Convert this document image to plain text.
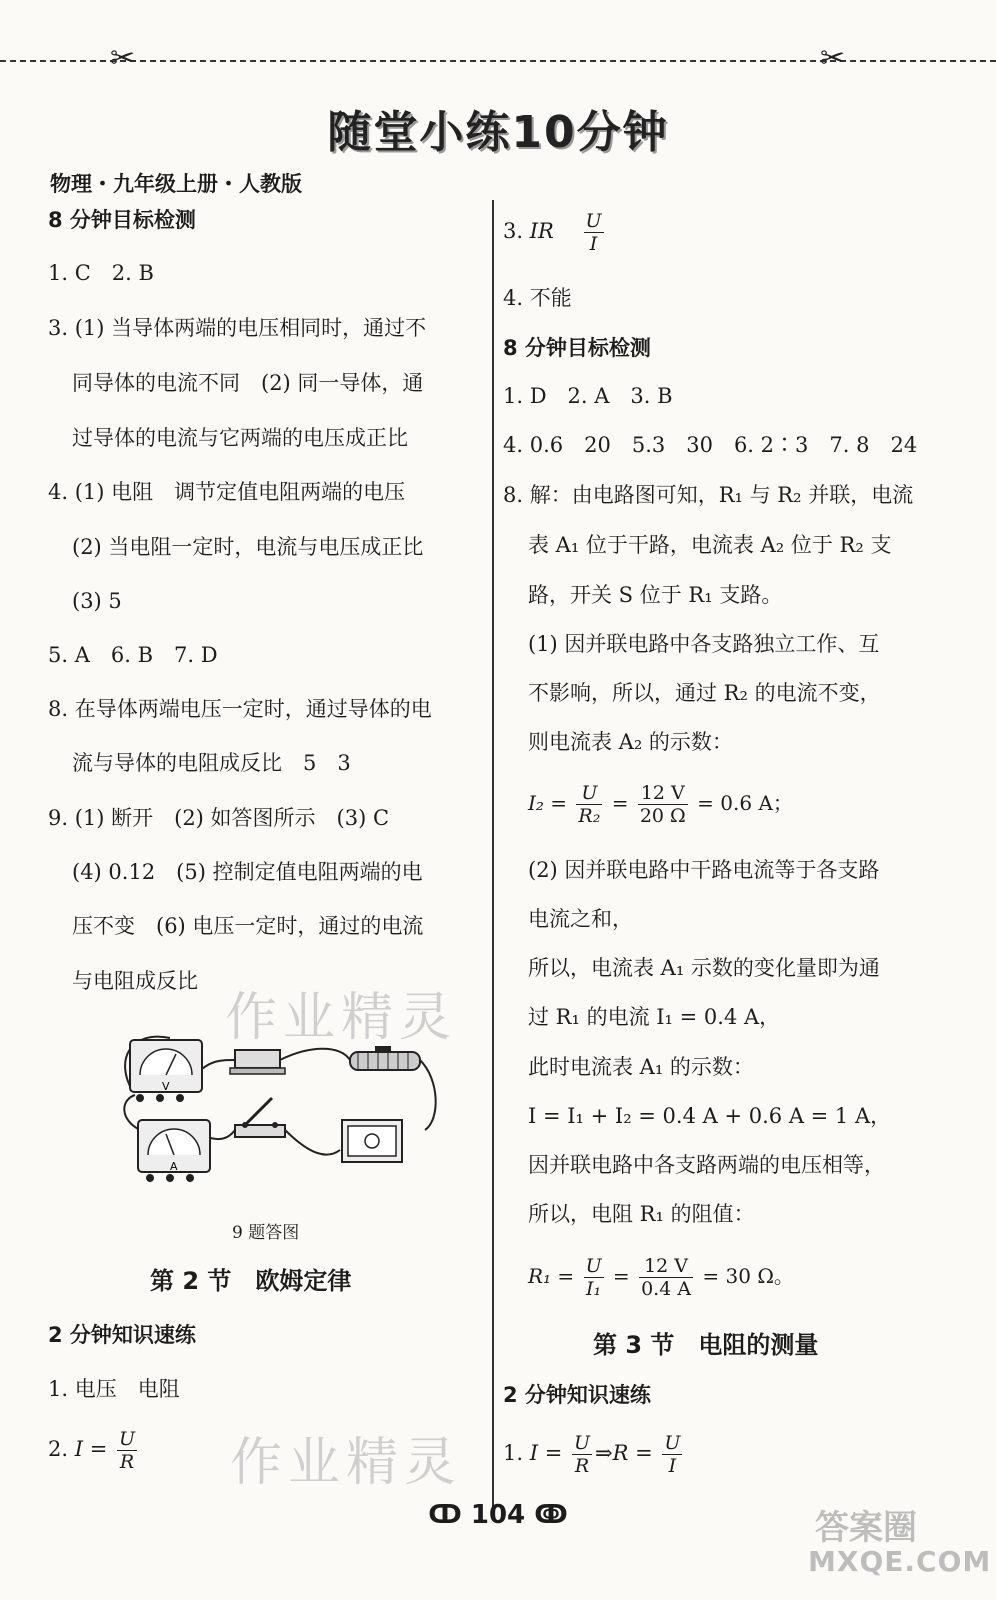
✂	✂
随堂小练10分钟
物理・九年级上册・人教版
8 分钟目标检测
1. C　2. B
3. (1) 当导体两端的电压相同时，通过不
同导体的电流不同　(2) 同一导体，通
过导体的电流与它两端的电压成正比
4. (1) 电阻　调节定值电阻两端的电压
(2) 当电阻一定时，电流与电压成正比
(3) 5
5. A　6. B　7. D
8. 在导体两端电压一定时，通过导体的电
流与导体的电阻成反比　5　3
9. (1) 断开　(2) 如答图所示　(3) C
(4) 0.12　(5) 控制定值电阻两端的电
压不变　(6) 电压一定时，通过的电流
与电阻成反比
V
A
9 题答图
第 2 节　欧姆定律
2 分钟知识速练
1. 电压　电阻
2. $I = \frac{U}{R}$
3. IR $\frac{U}{I}$
4. 不能
8 分钟目标检测
1. D　2. A　3. B
4. 0.6　20　5.3　30　6. 2∶3　7. 8　24
8. 解：由电路图可知，R₁ 与 R₂ 并联，电流
表 A₁ 位于干路，电流表 A₂ 位于 R₂ 支
路，开关 S 位于 R₁ 支路。
(1) 因并联电路中各支路独立工作、互
不影响，所以，通过 R₂ 的电流不变，
则电流表 A₂ 的示数：
$I_2 = \frac{U}{\text{R₂}} = \frac{12 V}{20 \Omega} = 0.6$ A；
(2) 因并联电路中干路电流等于各支路
电流之和，
所以，电流表 A₁ 示数的变化量即为通
过 R₁ 的电流 I₁ = 0.4 A，
此时电流表 A₁ 的示数：
I = I₁ + I₂ = 0.4 A + 0.6 A = 1 A，
因并联电路中各支路两端的电压相等，
所以，电阻 R₁ 的阻值：
$R_1 = \frac{U}{\text{I₁}} = \frac{12 V}{0.4 A} = 30$ Ω。
第 3 节　电阻的测量
2 分钟知识速练
1. $I = \frac{U}{R}$ ⇒R = $\frac{U}{I}$
作业精灵
作业精灵
答案圈
MXQE.COM
ↀ 104 ↂ
